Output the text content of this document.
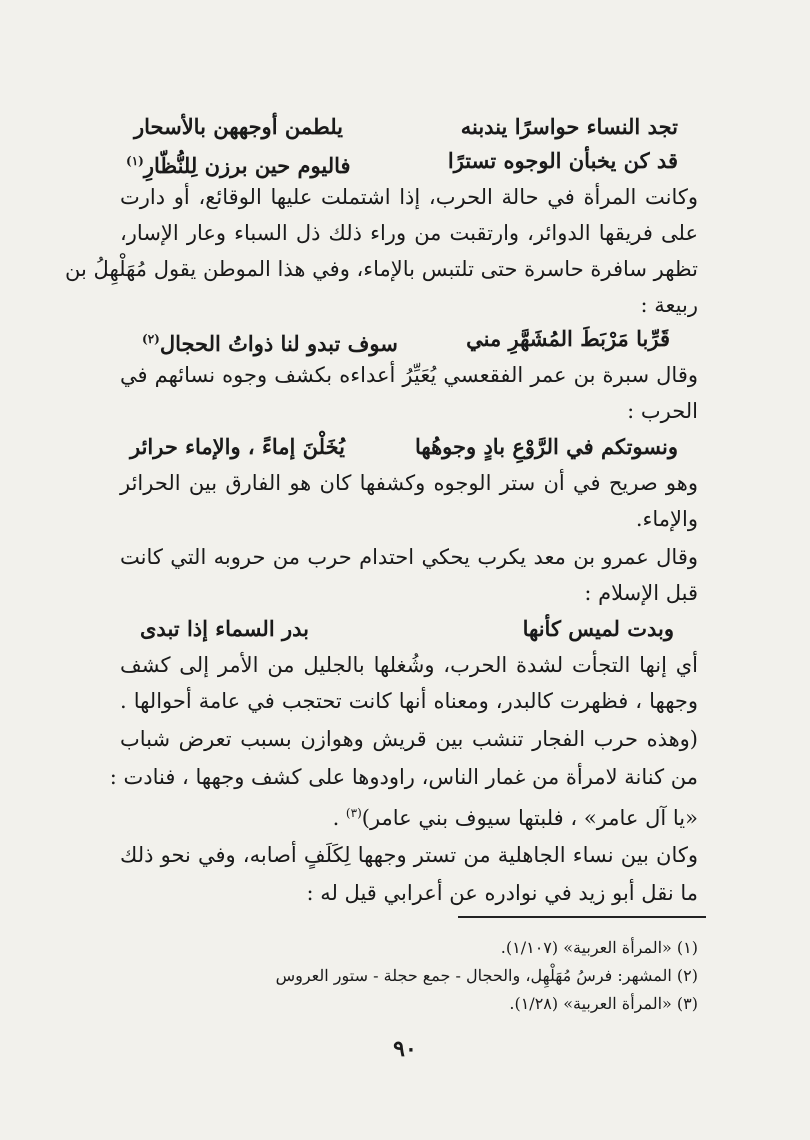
تجد النساء حواسرًا يندبنه
يلطمن أوجههن بالأسحار
قد كن يخبأن الوجوه تسترًا
فاليوم حين برزن لِلنُّظّارِ$^{(١)}$
وكانت المرأة في حالة الحرب، إذا اشتملت عليها الوقائع، أو دارت
على فريقها الدوائر، وارتقبت من وراء ذلك ذل السباء وعار الإسار،
تظهر سافرة حاسرة حتى تلتبس بالإماء، وفي هذا الموطن يقول مُهَلْهِلُ بن
ربيعة :
قَرِّبا مَرْبَطَ المُشَهَّرِ مني
سوف تبدو لنا ذواتُ الحجال$^{(٢)}$
وقال سبرة بن عمر الفقعسي يُعَيِّرُ أعداءه بكشف وجوه نسائهم في
الحرب :
ونسوتكم في الرَّوْعِ بادٍ وجوهُها
يُخَلْنَ إماءً ، والإماء حرائر
وهو صريح في أن ستر الوجوه وكشفها كان هو الفارق بين الحرائر
والإماء.
وقال عمرو بن معد يكرب يحكي احتدام حرب من حروبه التي كانت
قبل الإسلام :
وبدت لميس كأنها
بدر السماء إذا تبدى
أي إنها التجأت لشدة الحرب، وشُغلها بالجليل من الأمر إلى كشف
وجهها ، فظهرت كالبدر، ومعناه أنها كانت تحتجب في عامة أحوالها .
(وهذه حرب الفجار تنشب بين قريش وهوازن بسبب تعرض شباب
من كنانة لامرأة من غمار الناس، راودوها على كشف وجهها ، فنادت :
«يا آل عامر» ، فلبتها سيوف بني عامر)$^{(٣)}$ .
وكان بين نساء الجاهلية من تستر وجهها لِكَلَفٍ أصابه، وفي نحو ذلك
ما نقل أبو زيد في نوادره عن أعرابي قيل له :
(١) «المرأة العربية» (١/١٠٧).
(٢) المشهر: فرسُ مُهَلْهِل، والحجال - جمع حجلة - ستور العروس
(٣) «المرأة العربية» (١/٢٨).
٩٠
